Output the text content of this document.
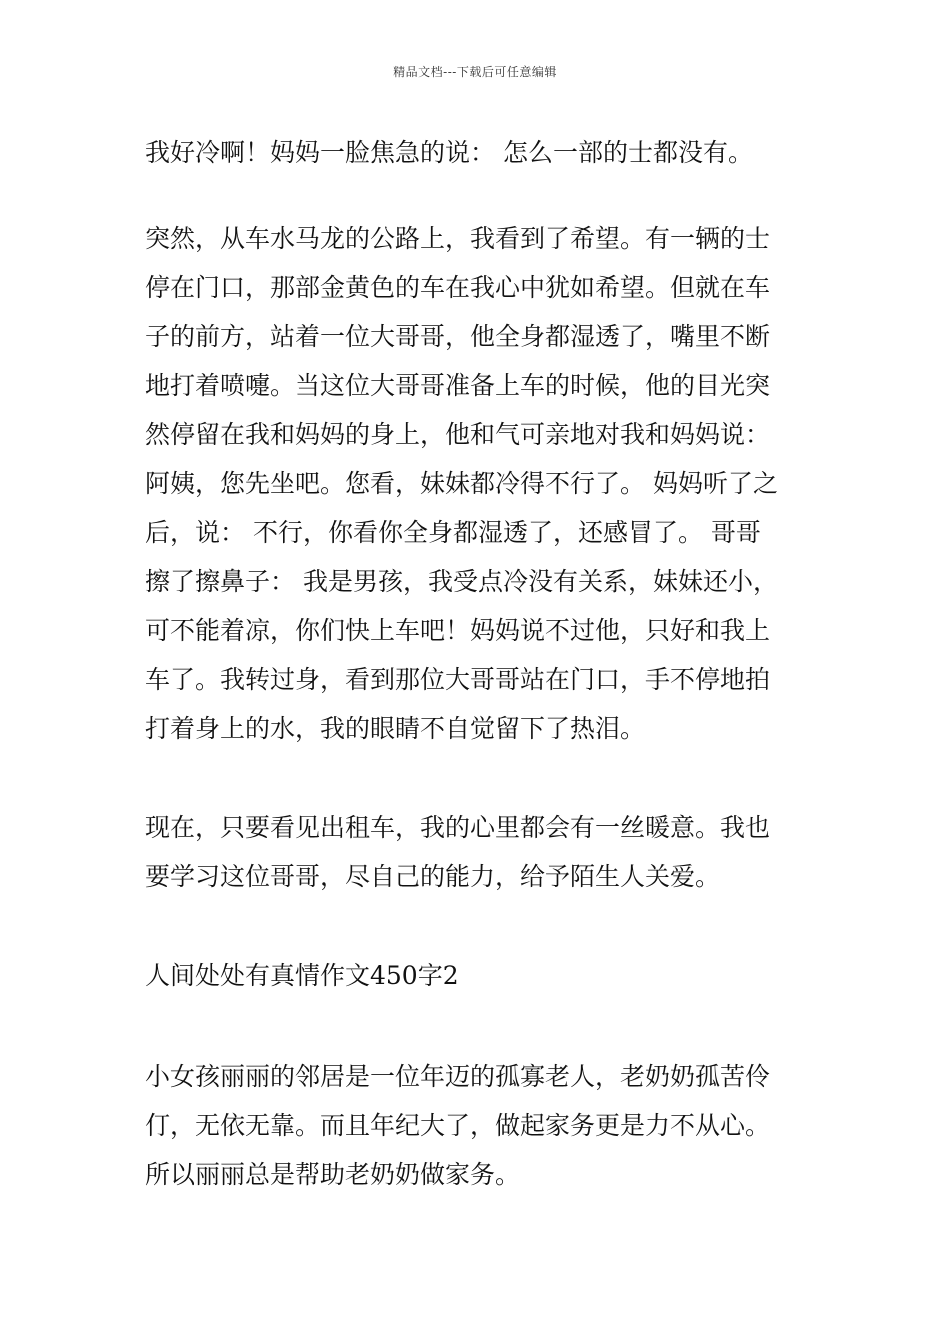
精品文档---下载后可任意编辑

我好冷啊！妈妈一脸焦急的说： 怎么一部的士都没有。

突然，从车水马龙的公路上，我看到了希望。有一辆的士
停在门口，那部金黄色的车在我心中犹如希望。但就在车
子的前方，站着一位大哥哥，他全身都湿透了，嘴里不断
地打着喷嚏。当这位大哥哥准备上车的时候，他的目光突
然停留在我和妈妈的身上，他和气可亲地对我和妈妈说：
阿姨，您先坐吧。您看，妹妹都冷得不行了。 妈妈听了之
后，说： 不行，你看你全身都湿透了，还感冒了。 哥哥
擦了擦鼻子： 我是男孩，我受点冷没有关系，妹妹还小，
可不能着凉，你们快上车吧！妈妈说不过他，只好和我上
车了。我转过身，看到那位大哥哥站在门口，手不停地拍
打着身上的水，我的眼睛不自觉留下了热泪。

现在，只要看见出租车，我的心里都会有一丝暖意。我也
要学习这位哥哥，尽自己的能力，给予陌生人关爱。

人间处处有真情作文450字2

小女孩丽丽的邻居是一位年迈的孤寡老人，老奶奶孤苦伶
仃，无依无靠。而且年纪大了，做起家务更是力不从心。
所以丽丽总是帮助老奶奶做家务。
